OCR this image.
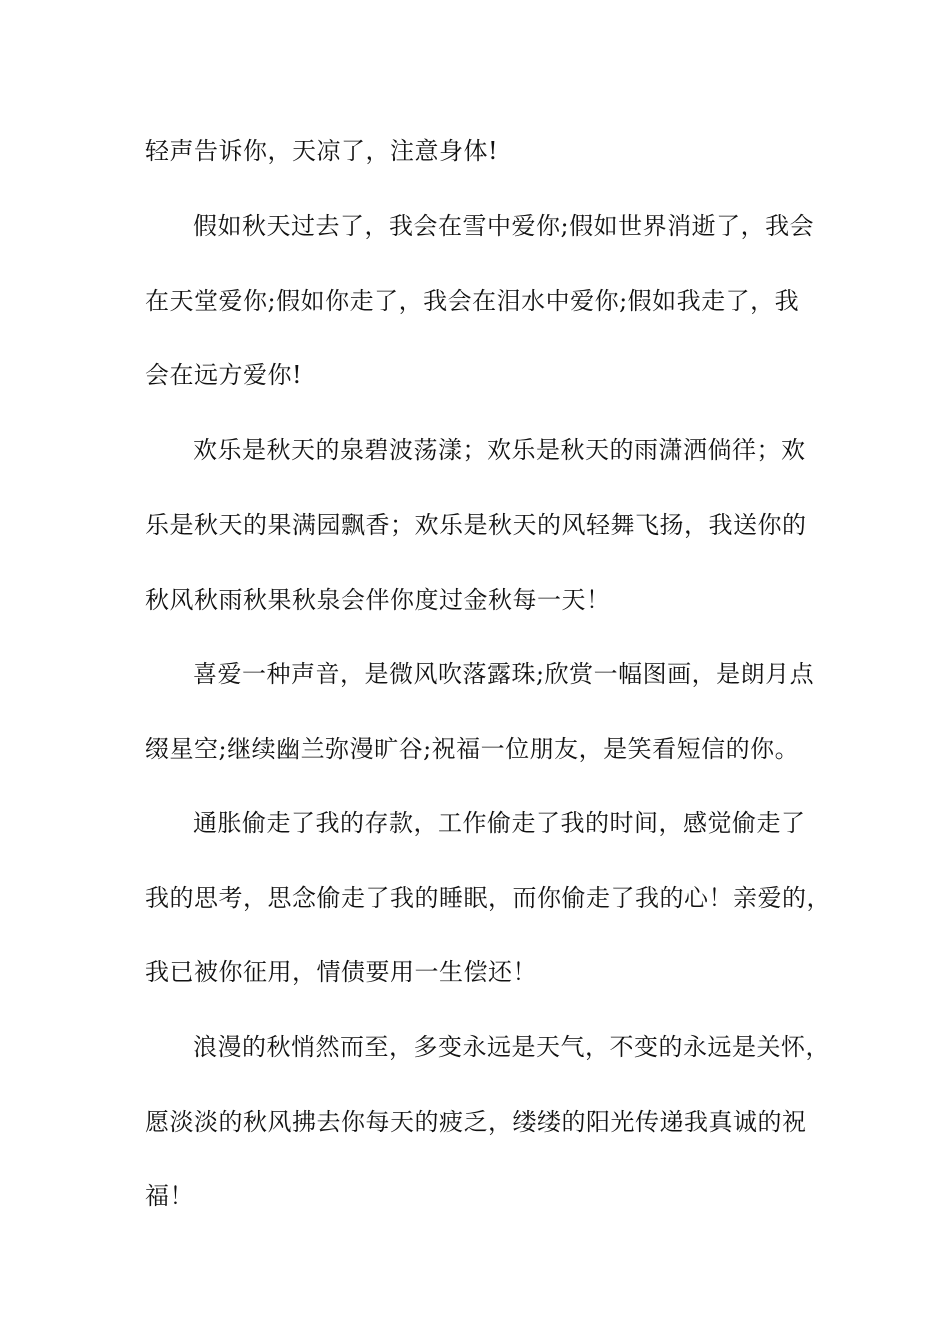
轻声告诉你，天凉了，注意身体!
假如秋天过去了，我会在雪中爱你;假如世界消逝了，我会
在天堂爱你;假如你走了，我会在泪水中爱你;假如我走了，我
会在远方爱你!
欢乐是秋天的泉碧波荡漾；欢乐是秋天的雨潇洒倘徉；欢
乐是秋天的果满园飘香；欢乐是秋天的风轻舞飞扬，我送你的
秋风秋雨秋果秋泉会伴你度过金秋每一天！
喜爱一种声音，是微风吹落露珠;欣赏一幅图画，是朗月点
缀星空;继续幽兰弥漫旷谷;祝福一位朋友，是笑看短信的你。
通胀偷走了我的存款，工作偷走了我的时间，感觉偷走了
我的思考，思念偷走了我的睡眠，而你偷走了我的心！亲爱的，
我已被你征用，情债要用一生偿还！
浪漫的秋悄然而至，多变永远是天气，不变的永远是关怀，
愿淡淡的秋风拂去你每天的疲乏，缕缕的阳光传递我真诚的祝
福！
